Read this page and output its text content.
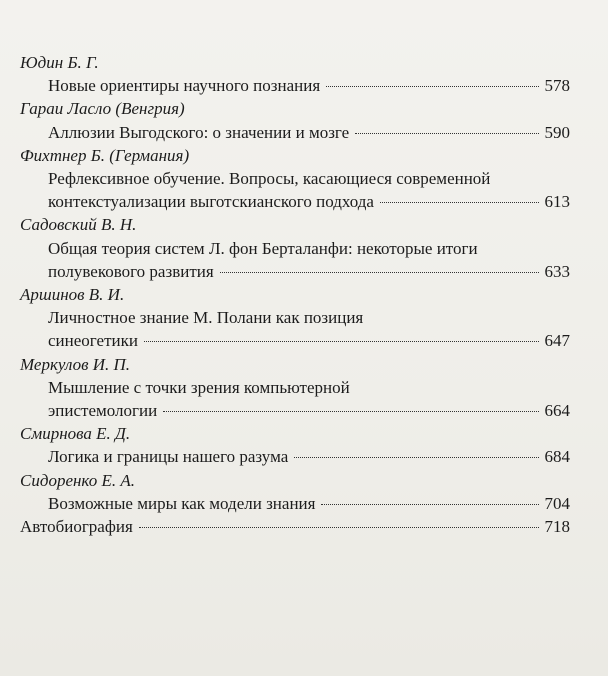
Юдин Б. Г.
Новые ориентиры научного познания	578
Гараи Ласло (Венгрия)
Аллюзии Выгодского: о значении и мозге	590
Фихтнер Б. (Германия)
Рефлексивное обучение. Вопросы, касающиеся современной
контекстуализации выготскианского подхода	613
Садовский В. Н.
Общая теория систем Л. фон Берталанфи: некоторые итоги
полувекового развития	633
Аршинов В. И.
Личностное знание М. Полани как позиция
синеогетики	647
Меркулов И. П.
Мышление с точки зрения компьютерной
эпистемологии	664
Смирнова Е. Д.
Логика и границы нашего разума	684
Сидоренко Е. А.
Возможные миры как модели знания	704
Автобиография	718
